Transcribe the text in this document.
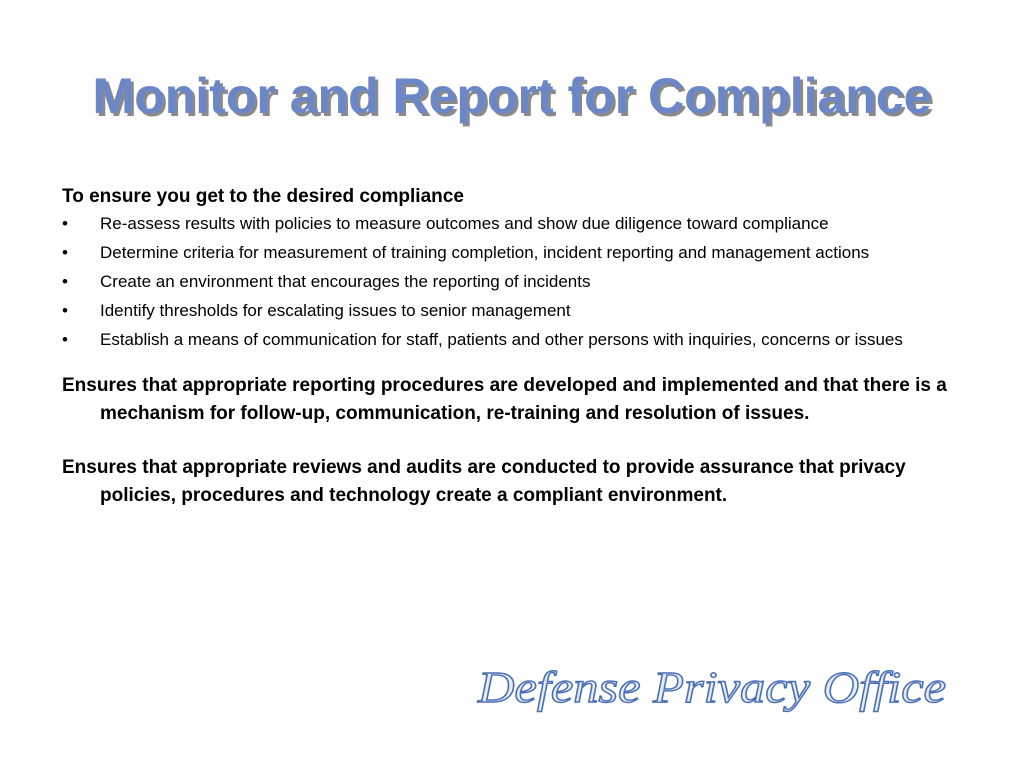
Monitor and Report for Compliance
To ensure you get to the desired compliance
• Re-assess results with policies to measure outcomes and show due diligence toward compliance
• Determine criteria for measurement of training completion, incident reporting and management actions
• Create an environment that encourages the reporting of incidents
• Identify thresholds for escalating issues to senior management
• Establish a means of communication for staff, patients and other persons with inquiries, concerns or issues

Ensures that appropriate reporting procedures are developed and implemented and that there is a mechanism for follow-up, communication, re-training and resolution of issues.

Ensures that appropriate reviews and audits are conducted to provide assurance that privacy policies, procedures and technology create a compliant environment.

Defense Privacy Office
